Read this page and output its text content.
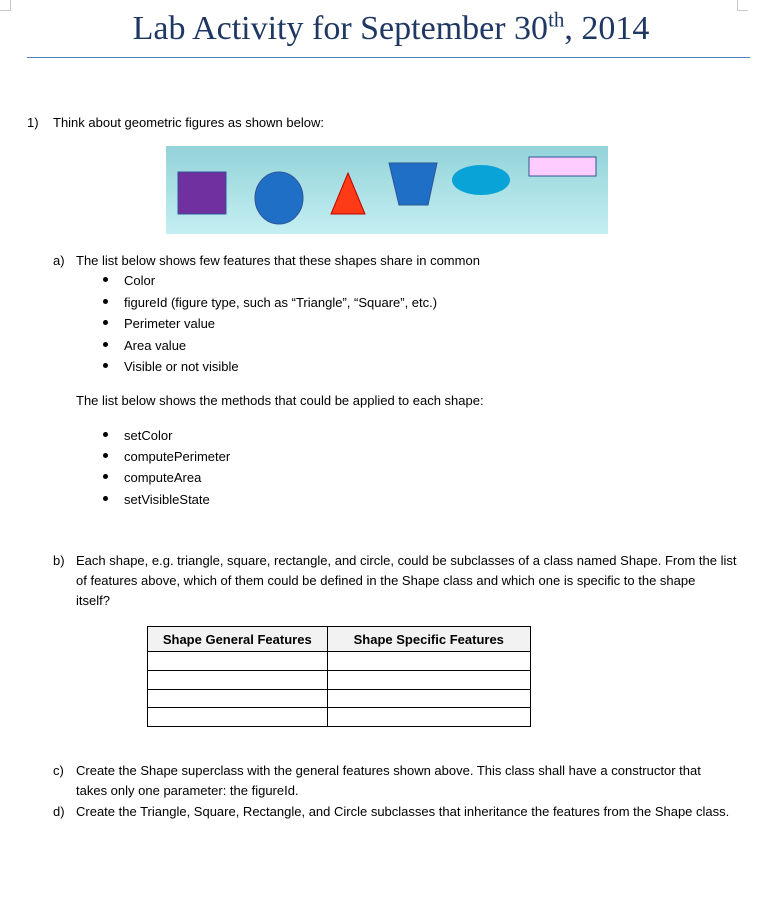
Lab Activity for September 30th, 2014
1) Think about geometric figures as shown below:
a) The list below shows few features that these shapes share in common
Color
figureId (figure type, such as “Triangle”, “Square”, etc.)
Perimeter value
Area value
Visible or not visible
The list below shows the methods that could be applied to each shape:
setColor
computePerimeter
computeArea
setVisibleState
b) Each shape, e.g. triangle, square, rectangle, and circle, could be subclasses of a class named Shape. From the list
of features above, which of them could be defined in the Shape class and which one is specific to the shape
itself?
Shape General Features	Shape Specific Features

c) Create the Shape superclass with the general features shown above. This class shall have a constructor that
takes only one parameter: the figureId.
d) Create the Triangle, Square, Rectangle, and Circle subclasses that inheritance the features from the Shape class.
